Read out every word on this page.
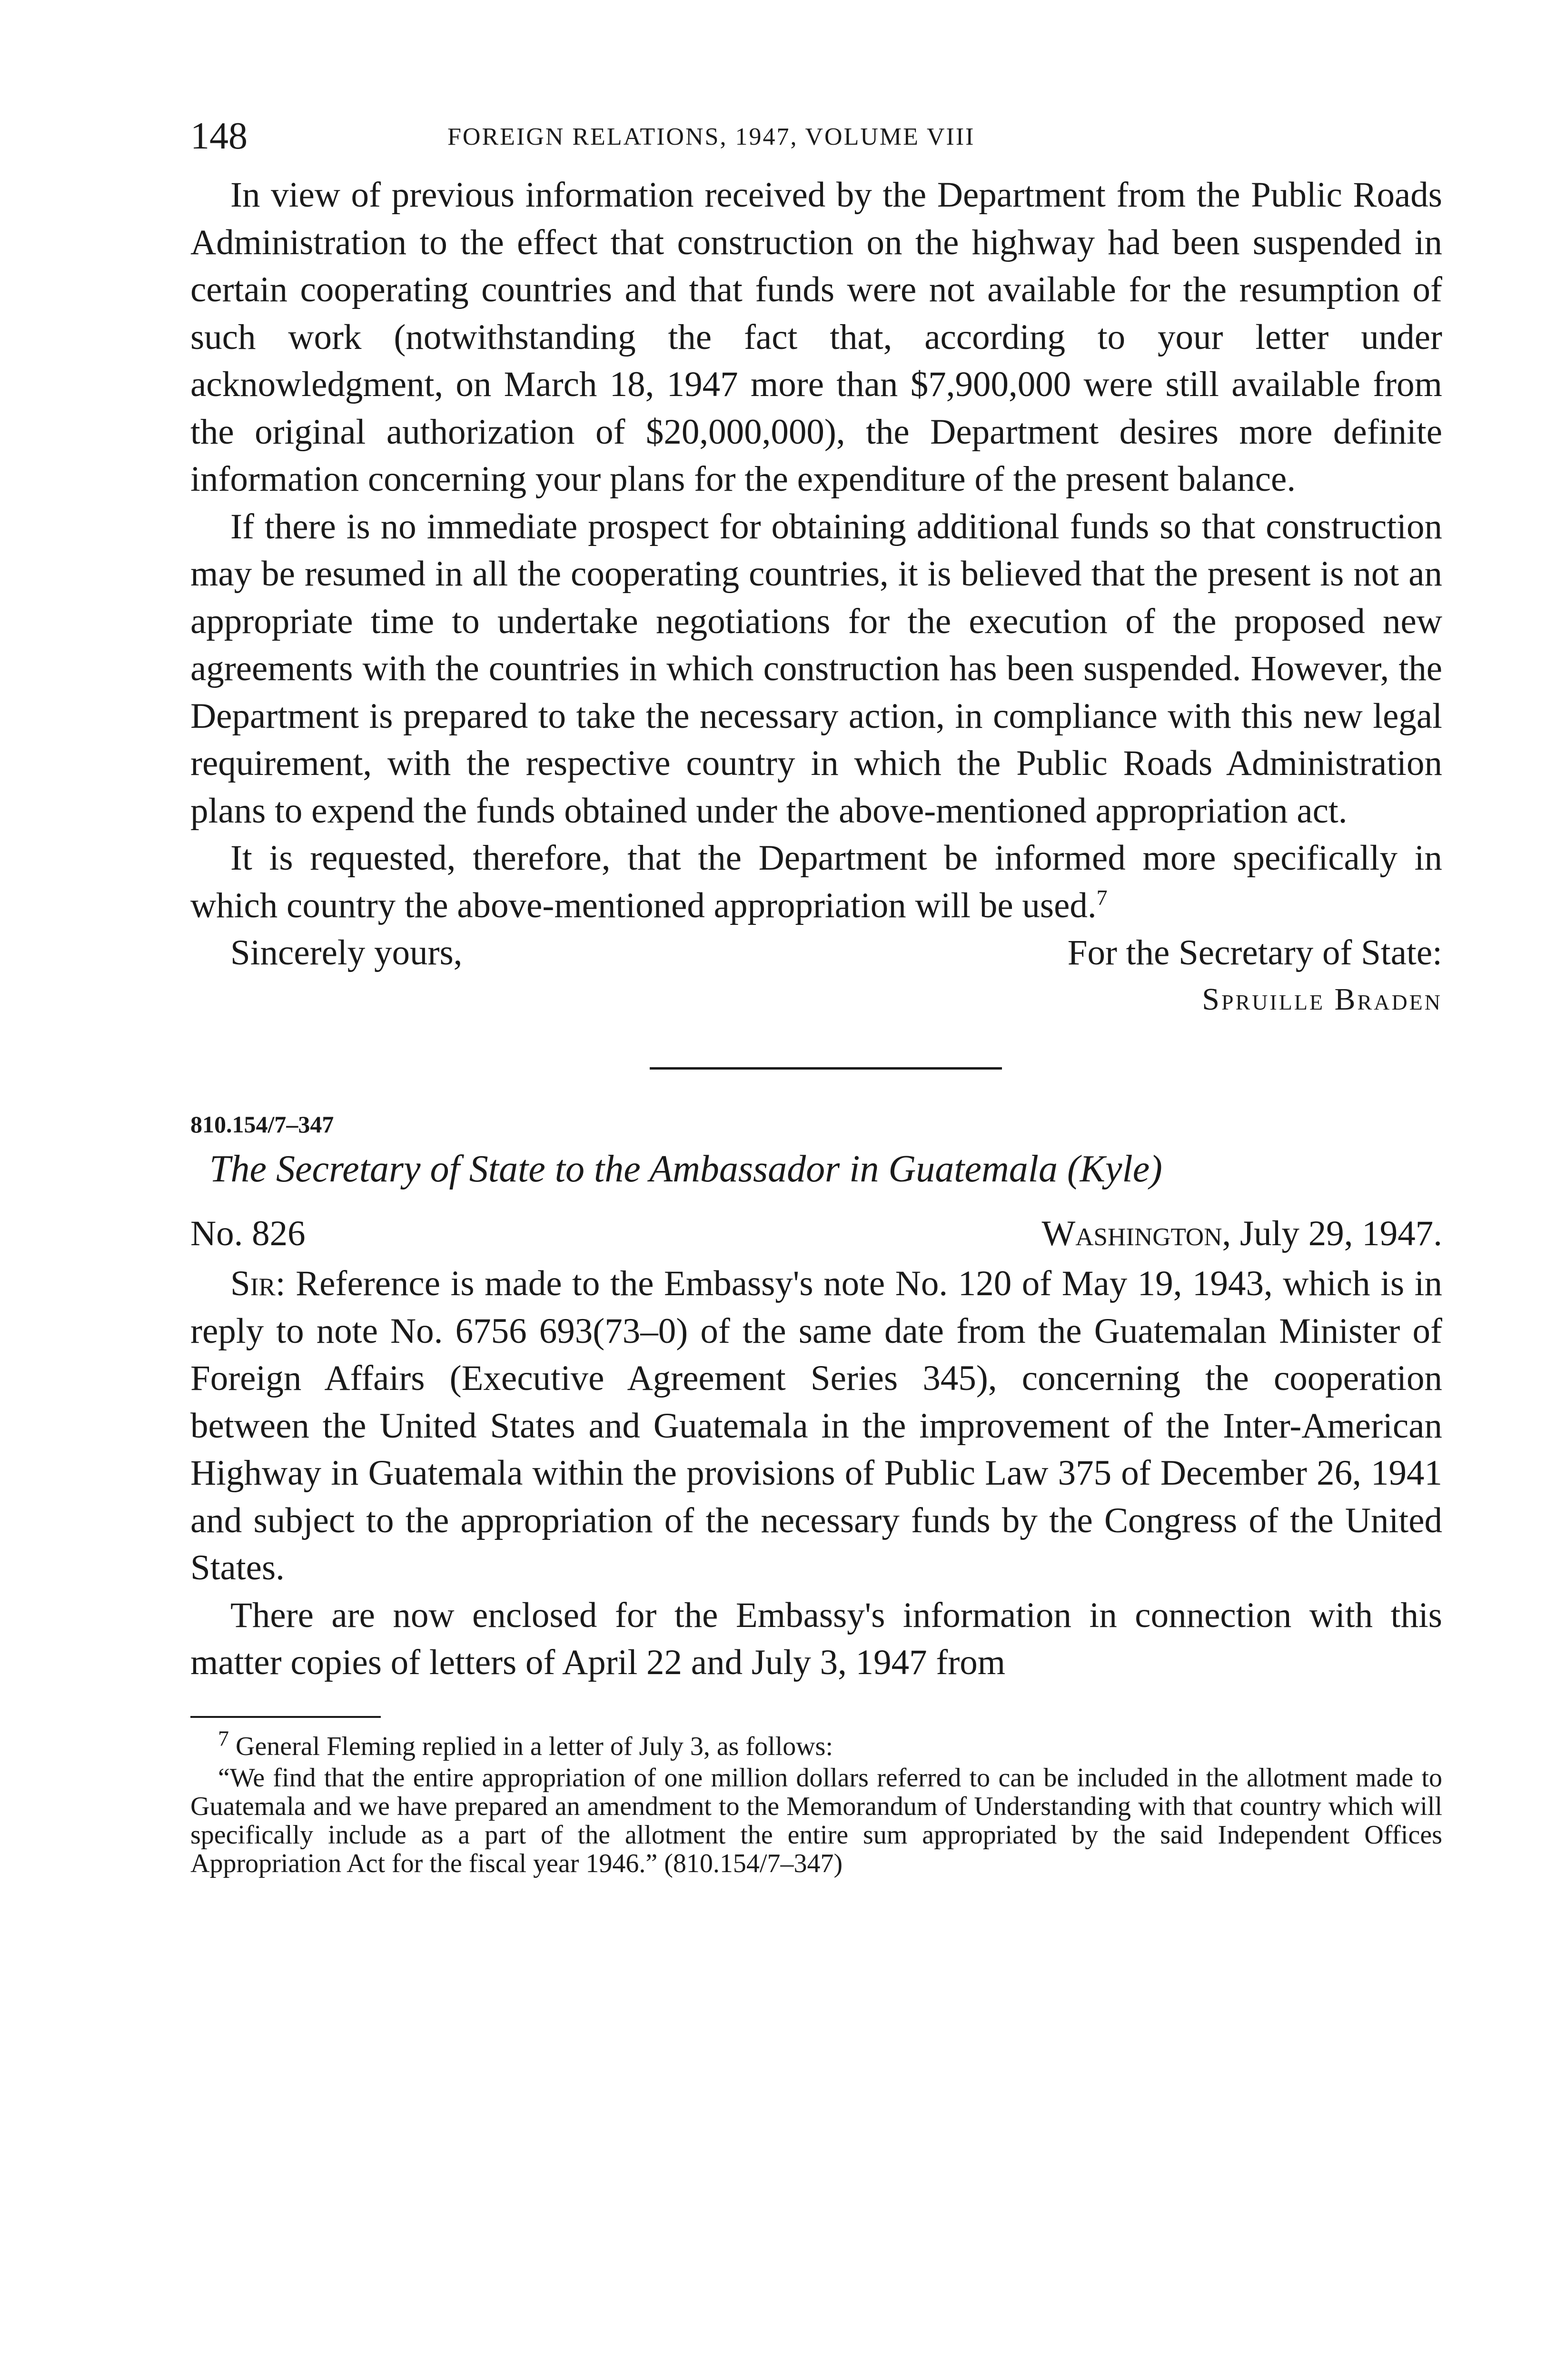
148	FOREIGN RELATIONS, 1947, VOLUME VIII

In view of previous information received by the Department from the Public Roads Administration to the effect that construction on the highway had been suspended in certain cooperating countries and that funds were not available for the resumption of such work (notwithstanding the fact that, according to your letter under acknowledgment, on March 18, 1947 more than $7,900,000 were still available from the original authorization of $20,000,000), the Department desires more definite information concerning your plans for the expenditure of the present balance.

If there is no immediate prospect for obtaining additional funds so that construction may be resumed in all the cooperating countries, it is believed that the present is not an appropriate time to undertake negotiations for the execution of the proposed new agreements with the countries in which construction has been suspended. However, the Department is prepared to take the necessary action, in compliance with this new legal requirement, with the respective country in which the Public Roads Administration plans to expend the funds obtained under the above-mentioned appropriation act.

It is requested, therefore, that the Department be informed more specifically in which country the above-mentioned appropriation will be used.$^7$

Sincerely yours,	For the Secretary of State:
Spruille Braden
810.154/7–347
The Secretary of State to the Ambassador in Guatemala (Kyle)
No. 826	Washington, July 29, 1947.

Sir: Reference is made to the Embassy's note No. 120 of May 19, 1943, which is in reply to note No. 6756 693(73–0) of the same date from the Guatemalan Minister of Foreign Affairs (Executive Agreement Series 345), concerning the cooperation between the United States and Guatemala in the improvement of the Inter-American Highway in Guatemala within the provisions of Public Law 375 of December 26, 1941 and subject to the appropriation of the necessary funds by the Congress of the United States.

There are now enclosed for the Embassy's information in connection with this matter copies of letters of April 22 and July 3, 1947 from

$^7$ General Fleming replied in a letter of July 3, as follows:

“We find that the entire appropriation of one million dollars referred to can be included in the allotment made to Guatemala and we have prepared an amendment to the Memorandum of Understanding with that country which will specifically include as a part of the allotment the entire sum appropriated by the said Independent Offices Appropriation Act for the fiscal year 1946.” (810.154/7–347)
